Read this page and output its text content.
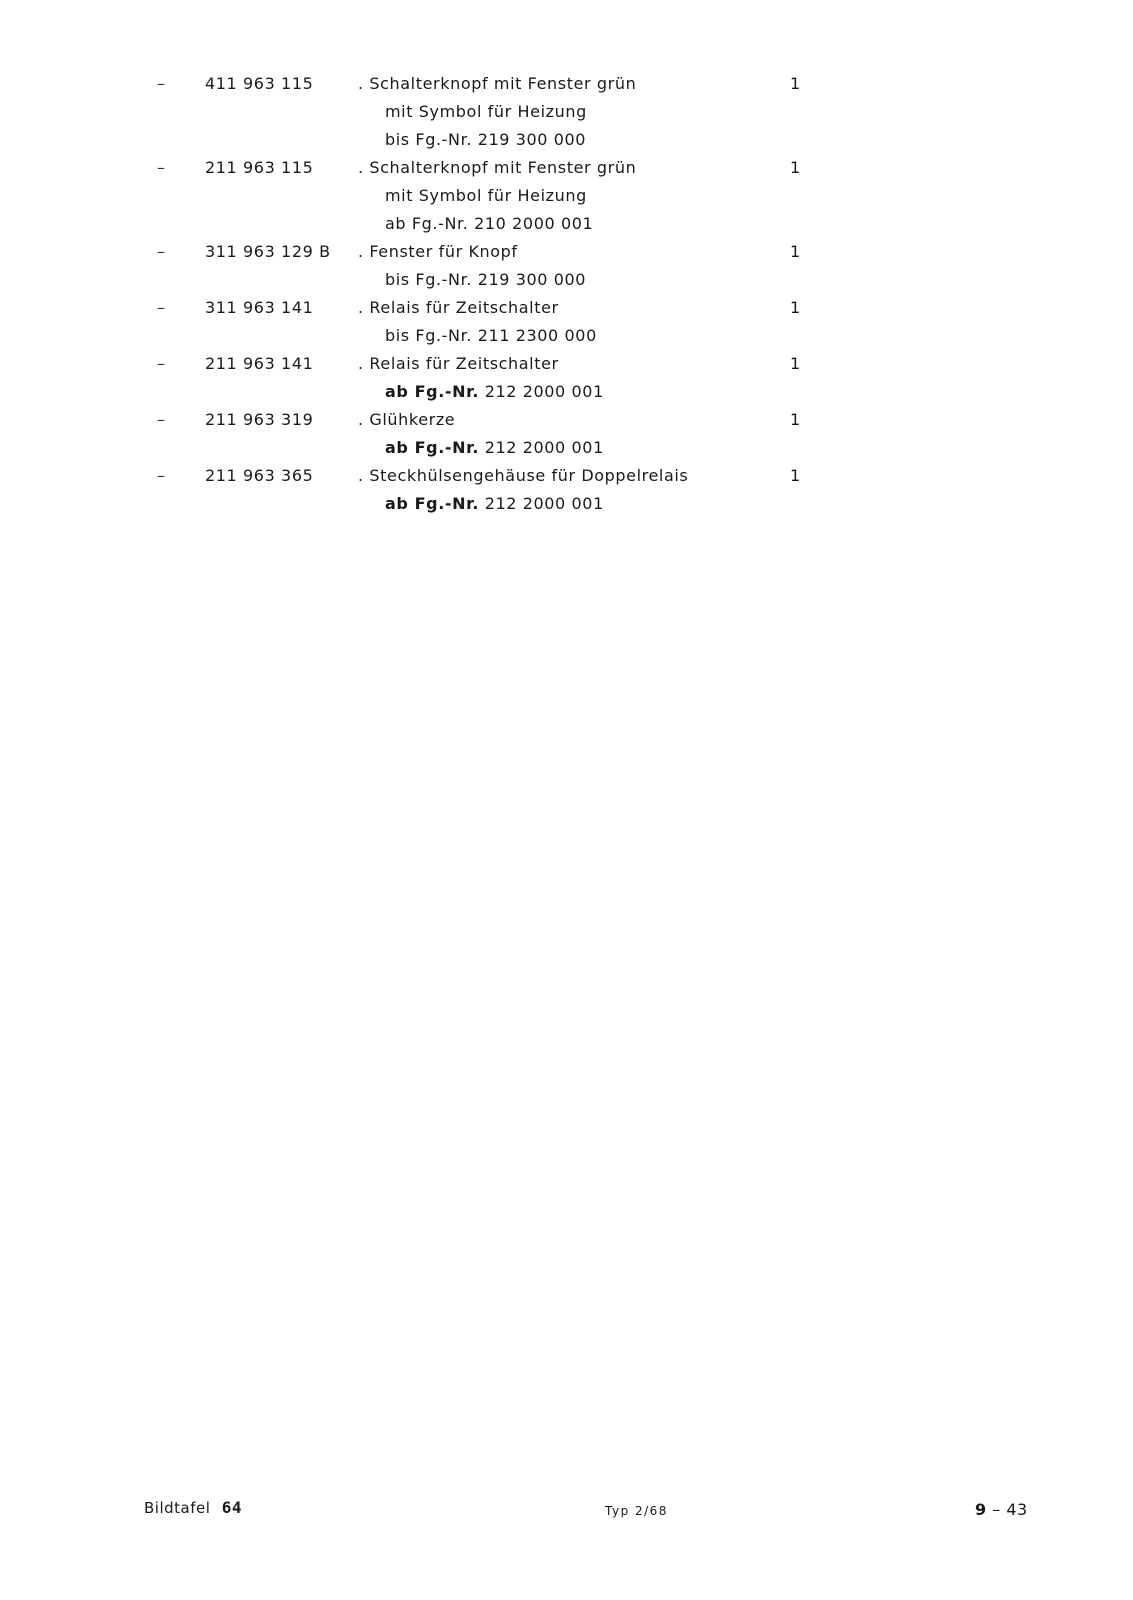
–	411 963 115	. Schalterknopf mit Fenster grün	1
mit Symbol für Heizung
bis Fg.-Nr. 219 300 000
–	211 963 115	. Schalterknopf mit Fenster grün	1
mit Symbol für Heizung
ab Fg.-Nr. 210 2000 001
–	311 963 129 B . Fenster für Knopf	1
bis Fg.-Nr. 219 300 000
–	311 963 141	. Relais für Zeitschalter	1
bis Fg.-Nr. 211 2300 000
–	211 963 141	. Relais für Zeitschalter	1
ab Fg.-Nr. 212 2000 001
–	211 963 319	. Glühkerze	1
ab Fg.-Nr. 212 2000 001
–	211 963 365	. Steckhülsengehäuse für Doppelrelais	1
ab Fg.-Nr. 212 2000 001
Bildtafel 64	Typ 2/68	9 – 43
